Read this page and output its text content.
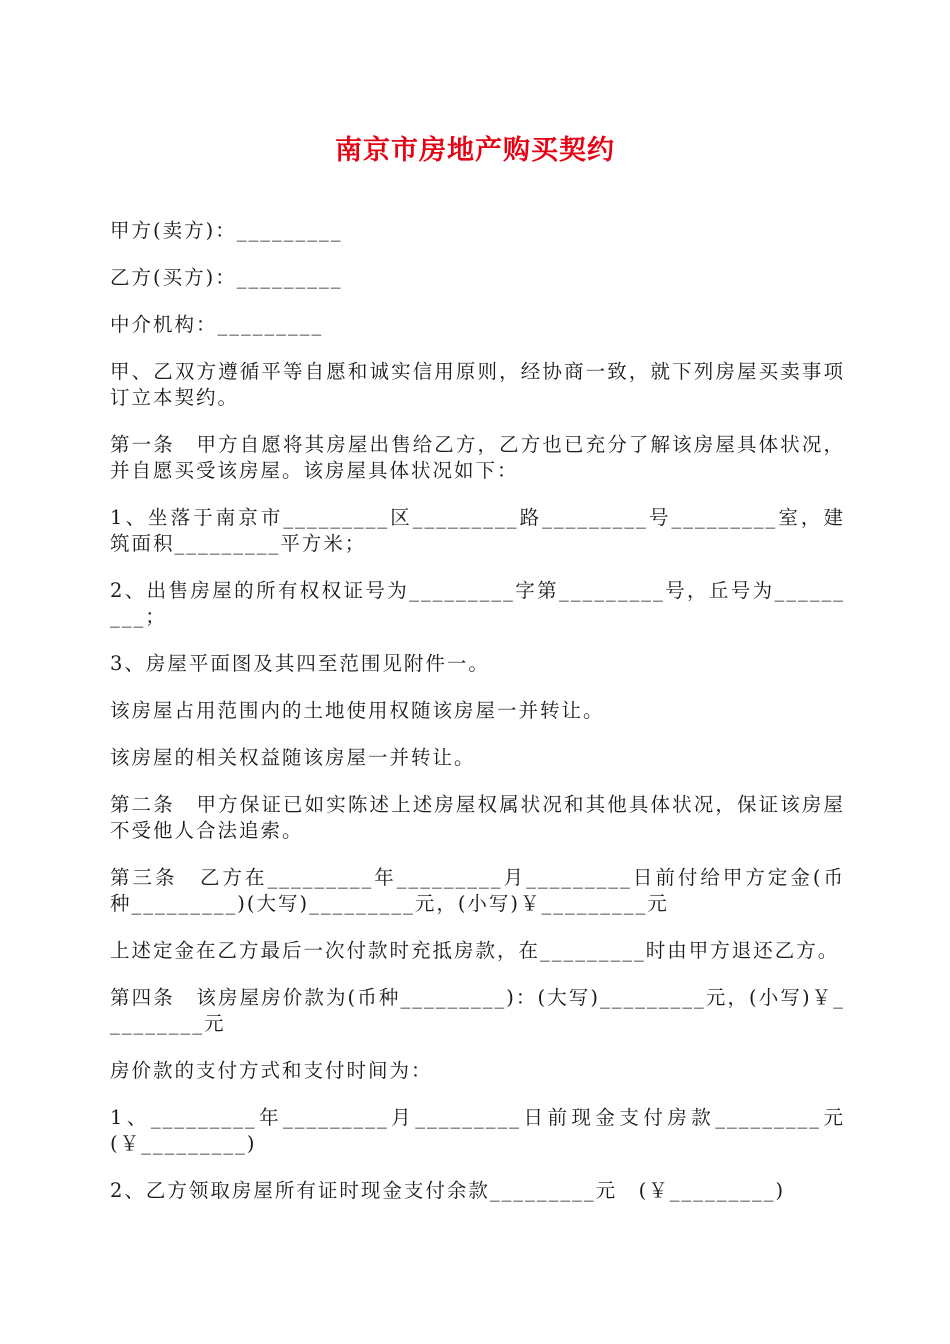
南京市房地产购买契约

甲方(卖方)：_________

乙方(买方)：_________

中介机构：_________

甲、乙双方遵循平等自愿和诚实信用原则，经协商一致，就下列房屋买卖事项订立本契约。

第一条　甲方自愿将其房屋出售给乙方，乙方也已充分了解该房屋具体状况，并自愿买受该房屋。该房屋具体状况如下：

1、坐落于南京市_________区_________路_________号_________室，建筑面积_________平方米；

2、出售房屋的所有权权证号为_________字第_________号，丘号为_________；

3、房屋平面图及其四至范围见附件一。

该房屋占用范围内的土地使用权随该房屋一并转让。

该房屋的相关权益随该房屋一并转让。

第二条　甲方保证已如实陈述上述房屋权属状况和其他具体状况，保证该房屋不受他人合法追索。

第三条　乙方在_________年_________月_________日前付给甲方定金(币种_________)(大写)_________元，(小写)￥_________元

上述定金在乙方最后一次付款时充抵房款，在_________时由甲方退还乙方。

第四条　该房屋房价款为(币种_________)：(大写)_________元，(小写)￥_________元

房价款的支付方式和支付时间为：

1、_________年_________月_________日前现金支付房款_________元(￥_________)

2、乙方领取房屋所有证时现金支付余款_________元　(￥_________)
